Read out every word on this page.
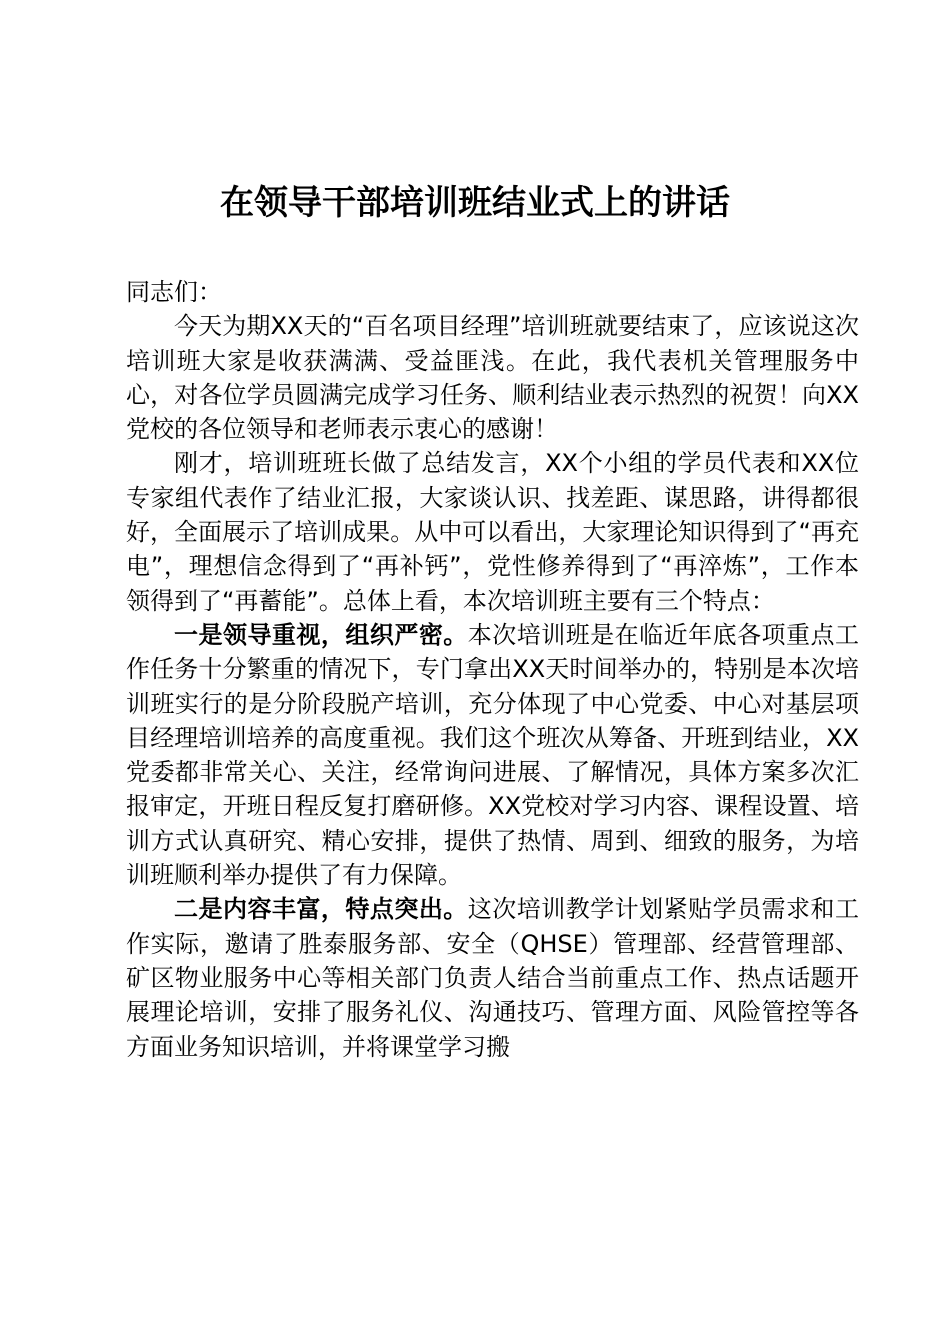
在领导干部培训班结业式上的讲话

同志们：

今天为期XX天的“百名项目经理”培训班就要结束了，应该说这次培训班大家是收获满满、受益匪浅。在此，我代表机关管理服务中心，对各位学员圆满完成学习任务、顺利结业表示热烈的祝贺！向XX党校的各位领导和老师表示衷心的感谢！

刚才，培训班班长做了总结发言，XX个小组的学员代表和XX位专家组代表作了结业汇报，大家谈认识、找差距、谋思路，讲得都很好，全面展示了培训成果。从中可以看出，大家理论知识得到了“再充电”，理想信念得到了“再补钙”，党性修养得到了“再淬炼”，工作本领得到了“再蓄能”。总体上看，本次培训班主要有三个特点：

一是领导重视，组织严密。本次培训班是在临近年底各项重点工作任务十分繁重的情况下，专门拿出XX天时间举办的，特别是本次培训班实行的是分阶段脱产培训，充分体现了中心党委、中心对基层项目经理培训培养的高度重视。我们这个班次从筹备、开班到结业，XX党委都非常关心、关注，经常询问进展、了解情况，具体方案多次汇报审定，开班日程反复打磨研修。XX党校对学习内容、课程设置、培训方式认真研究、精心安排，提供了热情、周到、细致的服务，为培训班顺利举办提供了有力保障。

二是内容丰富，特点突出。这次培训教学计划紧贴学员需求和工作实际，邀请了胜泰服务部、安全（QHSE）管理部、经营管理部、矿区物业服务中心等相关部门负责人结合当前重点工作、热点话题开展理论培训，安排了服务礼仪、沟通技巧、管理方面、风险管控等各方面业务知识培训，并将课堂学习搬
